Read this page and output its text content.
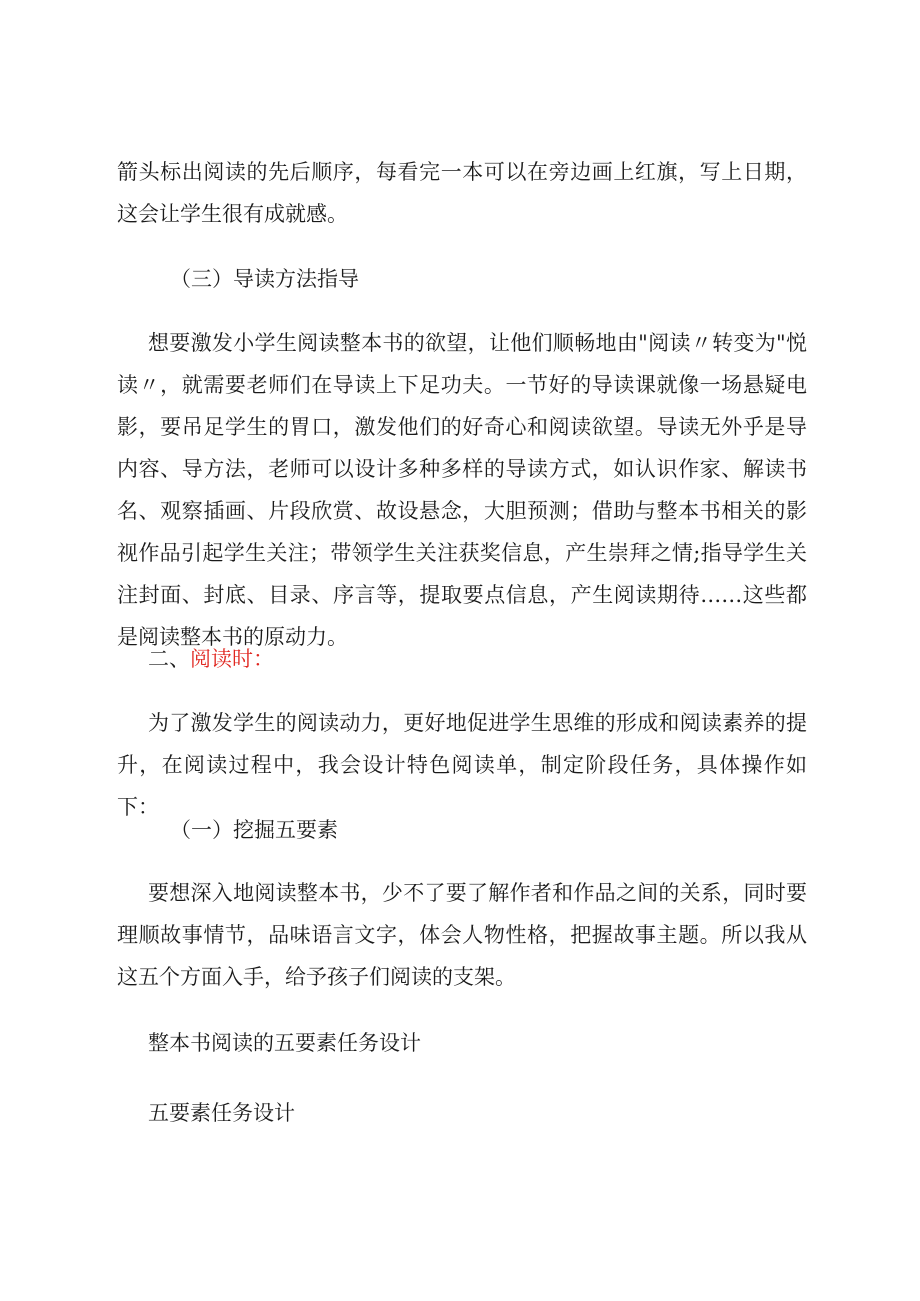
箭头标出阅读的先后顺序，每看完一本可以在旁边画上红旗，写上日期，这会让学生很有成就感。

（三）导读方法指导

想要激发小学生阅读整本书的欲望，让他们顺畅地由"阅读〃转变为"悦读〃，就需要老师们在导读上下足功夫。一节好的导读课就像一场悬疑电影，要吊足学生的胃口，激发他们的好奇心和阅读欲望。导读无外乎是导内容、导方法，老师可以设计多种多样的导读方式，如认识作家、解读书名、观察插画、片段欣赏、故设悬念，大胆预测；借助与整本书相关的影视作品引起学生关注；带领学生关注获奖信息，产生崇拜之情;指导学生关注封面、封底、目录、序言等，提取要点信息，产生阅读期待……这些都是阅读整本书的原动力。

二、阅读时：

为了激发学生的阅读动力，更好地促进学生思维的形成和阅读素养的提升，在阅读过程中，我会设计特色阅读单，制定阶段任务，具体操作如下：

（一）挖掘五要素

要想深入地阅读整本书，少不了要了解作者和作品之间的关系，同时要理顺故事情节，品味语言文字，体会人物性格，把握故事主题。所以我从这五个方面入手，给予孩子们阅读的支架。

整本书阅读的五要素任务设计

五要素任务设计
